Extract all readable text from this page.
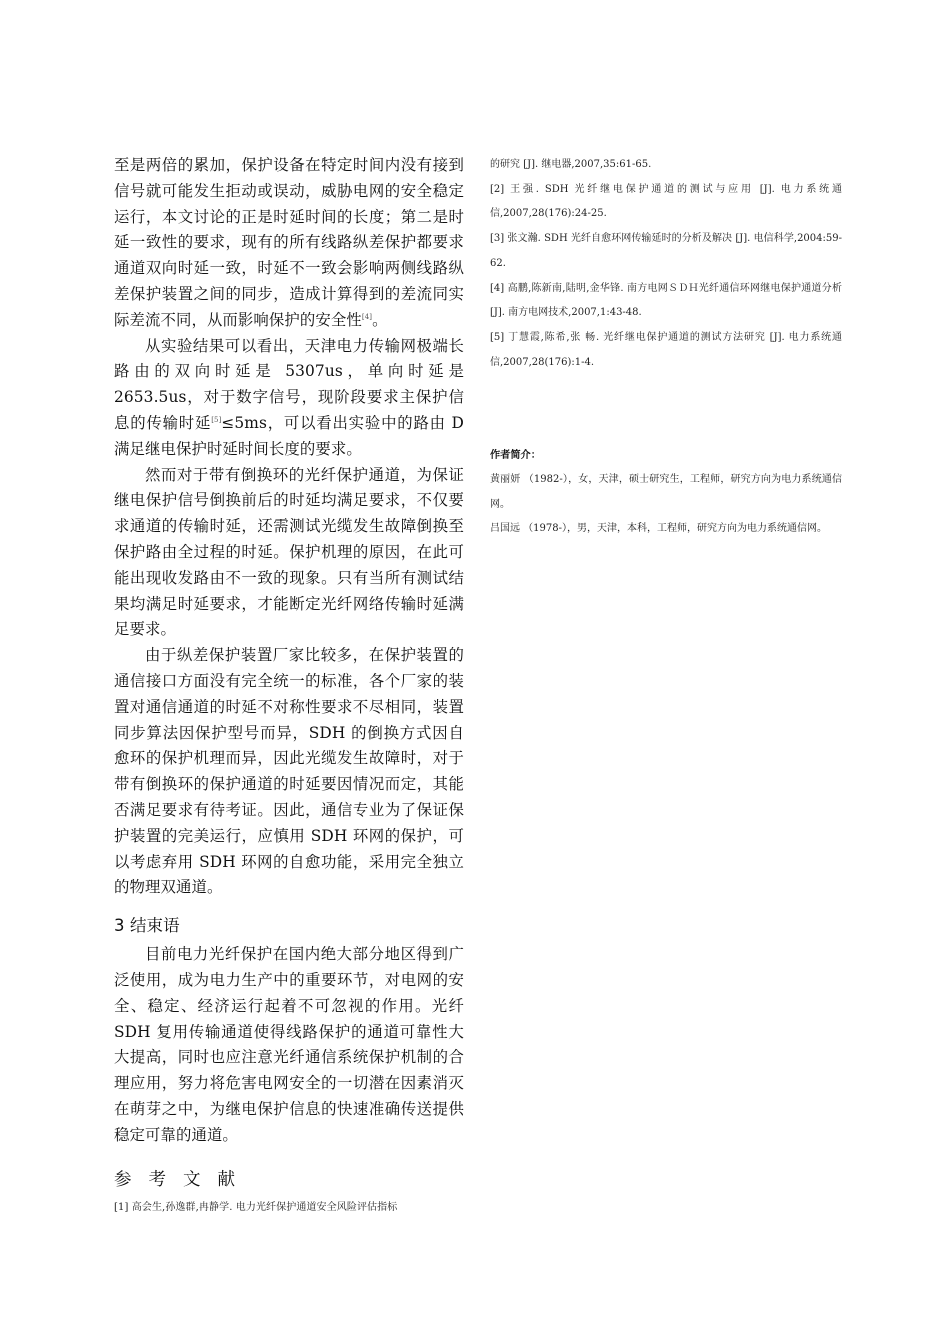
至是两倍的累加，保护设备在特定时间内没有接到信号就可能发生拒动或误动，威胁电网的安全稳定运行，本文讨论的正是时延时间的长度；第二是时延一致性的要求，现有的所有线路纵差保护都要求通道双向时延一致，时延不一致会影响两侧线路纵差保护装置之间的同步，造成计算得到的差流同实际差流不同，从而影响保护的安全性[4]。

从实验结果可以看出，天津电力传输网极端长路由的双向时延是 5307us，单向时延是 2653.5us，对于数字信号，现阶段要求主保护信息的传输时延[5]≤5ms，可以看出实验中的路由 D 满足继电保护时延时间长度的要求。

然而对于带有倒换环的光纤保护通道，为保证继电保护信号倒换前后的时延均满足要求，不仅要求通道的传输时延，还需测试光缆发生故障倒换至保护路由全过程的时延。保护机理的原因，在此可能出现收发路由不一致的现象。只有当所有测试结果均满足时延要求，才能断定光纤网络传输时延满足要求。

由于纵差保护装置厂家比较多，在保护装置的通信接口方面没有完全统一的标准，各个厂家的装置对通信通道的时延不对称性要求不尽相同，装置同步算法因保护型号而异，SDH 的倒换方式因自愈环的保护机理而异，因此光缆发生故障时，对于带有倒换环的保护通道的时延要因情况而定，其能否满足要求有待考证。因此，通信专业为了保证保护装置的完美运行，应慎用 SDH 环网的保护，可以考虑弃用 SDH 环网的自愈功能，采用完全独立的物理双通道。

3 结束语

目前电力光纤保护在国内绝大部分地区得到广泛使用，成为电力生产中的重要环节，对电网的安全、稳定、经济运行起着不可忽视的作用。光纤 SDH 复用传输通道使得线路保护的通道可靠性大大提高，同时也应注意光纤通信系统保护机制的合理应用，努力将危害电网安全的一切潜在因素消灭在萌芽之中，为继电保护信息的快速准确传送提供稳定可靠的通道。

参考文献
[1] 高会生,孙逸群,冉静学. 电力光纤保护通道安全风险评估指标

的研究 [J]. 继电器,2007,35:61-65.

[2] 王强. SDH 光纤继电保护通道的测试与应用 [J]. 电力系统通信,2007,28(176):24-25.

[3] 张文瀚. SDH 光纤自愈环网传输延时的分析及解决 [J]. 电信科学,2004:59-62.

[4] 高鹏,陈新南,陆明,金华锋. 南方电网ＳＤＨ光纤通信环网继电保护通道分析 [J]. 南方电网技术,2007,1:43-48.

[5] 丁慧霞,陈希,张 畅. 光纤继电保护通道的测试方法研究 [J]. 电力系统通信,2007,28(176):1-4.

作者简介：

黄丽妍 （1982-），女，天津，硕士研究生，工程师，研究方向为电力系统通信网。

吕国远 （1978-），男，天津，本科，工程师，研究方向为电力系统通信网。
